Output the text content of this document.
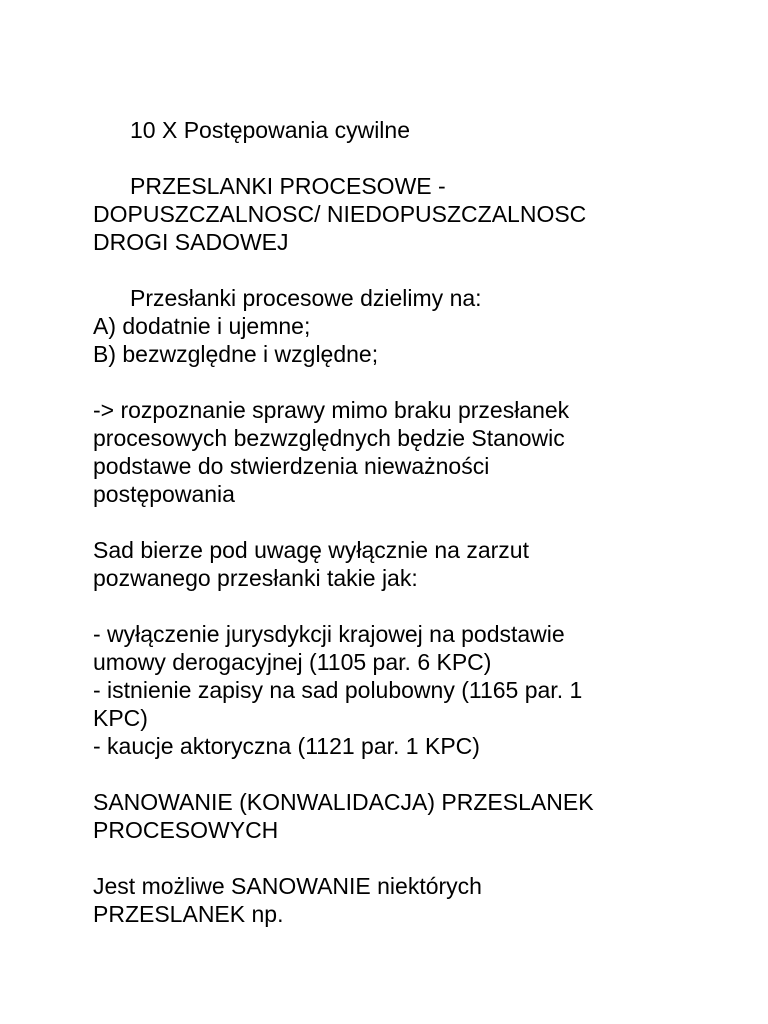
10 X Postępowania cywilne
PRZESLANKI PROCESOWE -
DOPUSZCZALNOSC/ NIEDOPUSZCZALNOSC
DROGI SADOWEJ
Przesłanki procesowe dzielimy na:
A) dodatnie i ujemne;
B) bezwzględne i względne;
-> rozpoznanie sprawy mimo braku przesłanek
procesowych bezwzględnych będzie Stanowic
podstawe do stwierdzenia nieważności
postępowania
Sad bierze pod uwagę wyłącznie na zarzut
pozwanego przesłanki takie jak:
- wyłączenie jurysdykcji krajowej na podstawie
umowy derogacyjnej (1105 par. 6 KPC)
- istnienie zapisy na sad polubowny (1165 par. 1
KPC)
- kaucje aktoryczna (1121 par. 1 KPC)
SANOWANIE (KONWALIDACJA) PRZESLANEK
PROCESOWYCH
Jest możliwe SANOWANIE niektórych
PRZESLANEK np.
